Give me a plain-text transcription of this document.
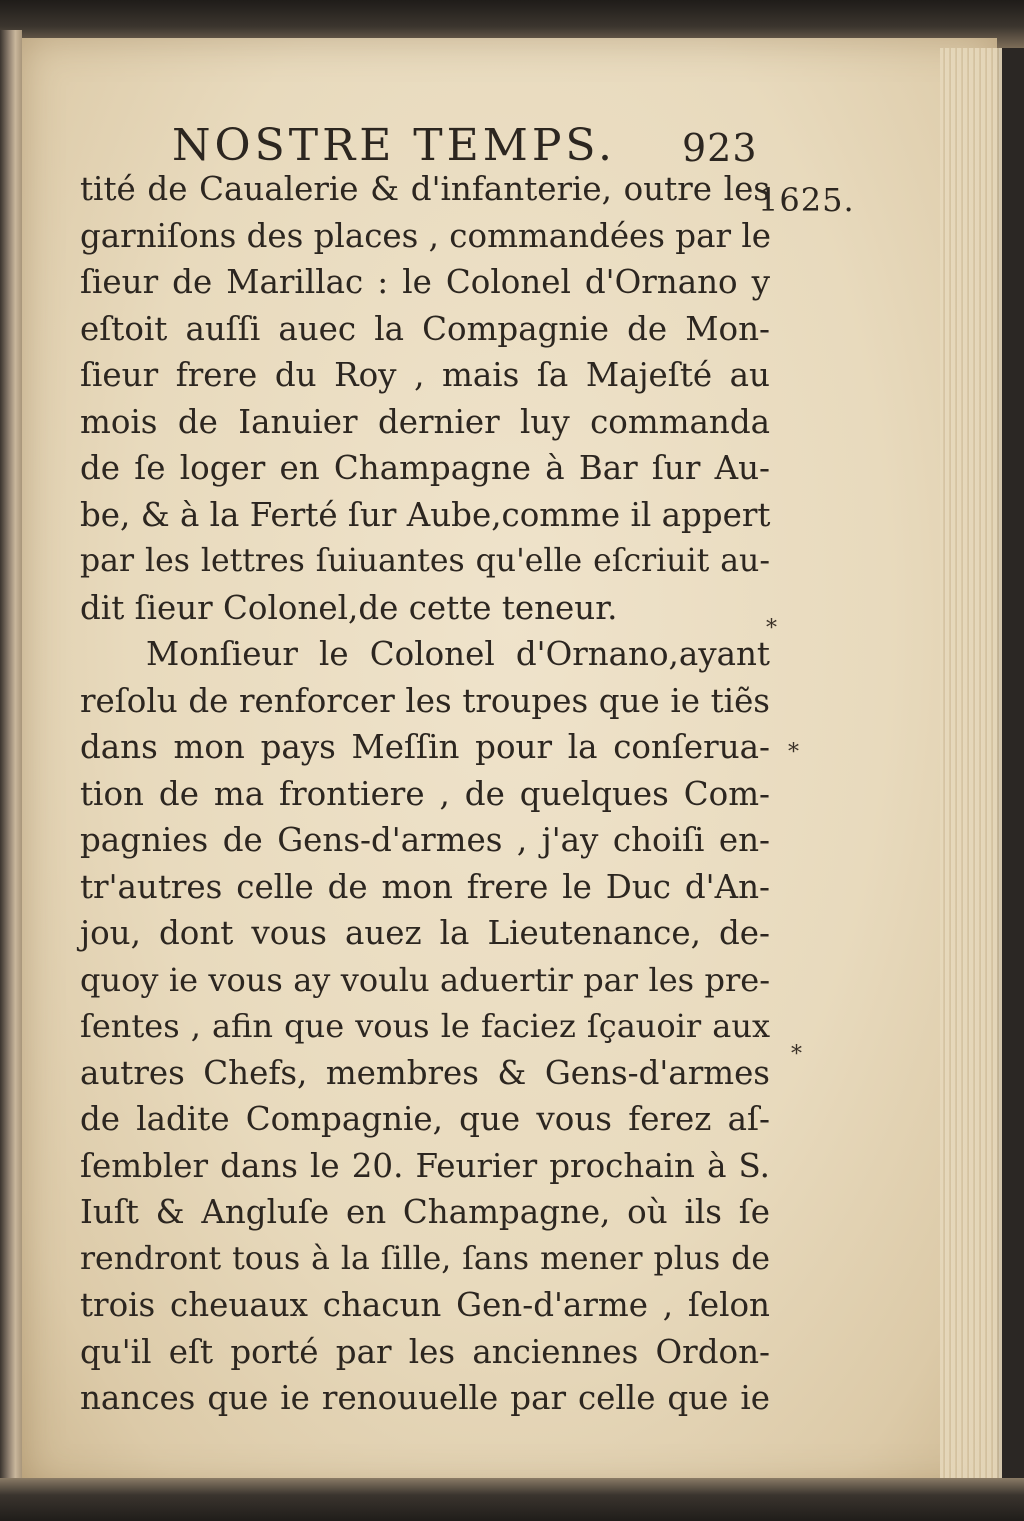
NOSTRE TEMPS. 923

1625.

*
*
*
tité de Caualerie & d'infanterie, outre les
garniſons des places , commandées par le
ſieur de Marillac : le Colonel d'Ornano y
eſtoit auſſi auec la Compagnie de Mon-
ſieur frere du Roy , mais ſa Majeſté au
mois de Ianuier dernier luy commanda
de ſe loger en Champagne à Bar ſur Au-
be, & à la Ferté ſur Aube,comme il appert
par les lettres ſuiuantes qu'elle eſcriuit au-
dit ſieur Colonel,de cette teneur.
Monſieur le Colonel d'Ornano,ayant
reſolu de renforcer les troupes que ie tiẽs
dans mon pays Meſſin pour la conſerua-
tion de ma frontiere , de quelques Com-
pagnies de Gens-d'armes , j'ay choiſi en-
tr'autres celle de mon frere le Duc d'An-
jou, dont vous auez la Lieutenance, de-
quoy ie vous ay voulu aduertir par les pre-
ſentes , afin que vous le faciez ſçauoir aux
autres Chefs, membres & Gens-d'armes
de ladite Compagnie, que vous ferez aſ-
ſembler dans le 20. Feurier prochain à S.
Iuſt & Angluſe en Champagne, où ils ſe
rendront tous à la ſille, ſans mener plus de
trois cheuaux chacun Gen-d'arme , ſelon
qu'il eſt porté par les anciennes Ordon-
nances que ie renouuelle par celle que ie
